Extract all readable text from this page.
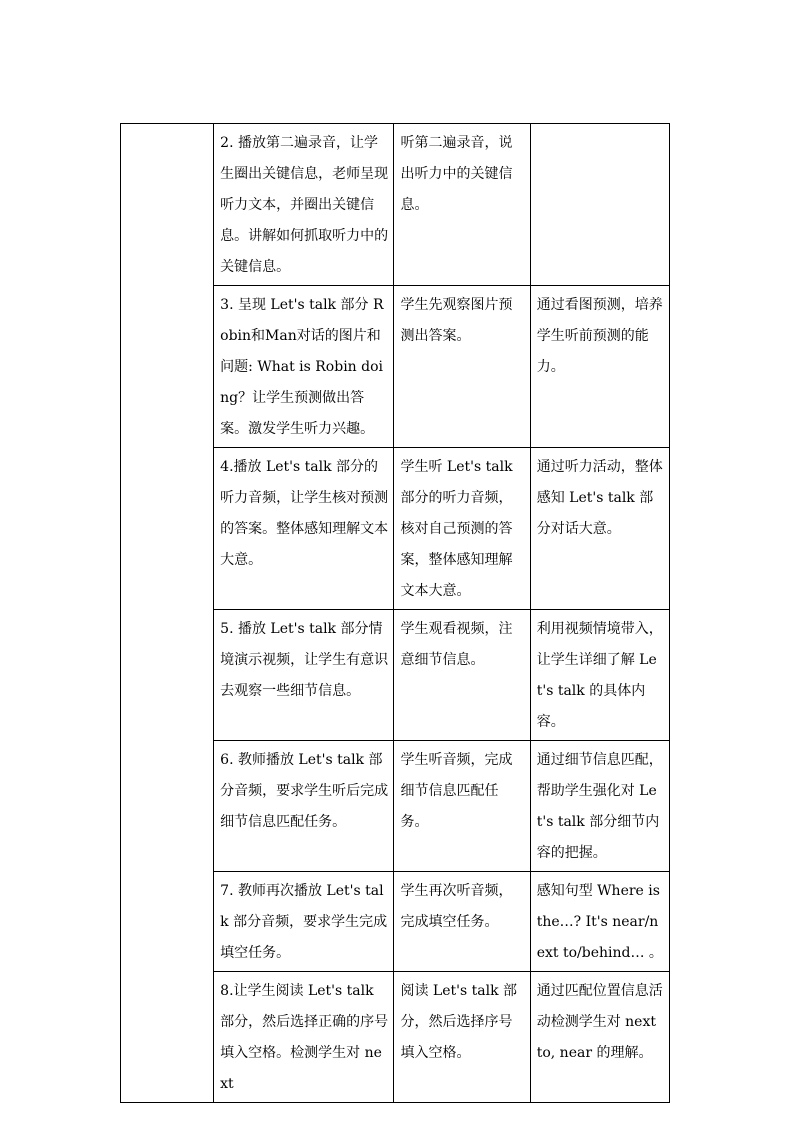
	2. 播放第二遍录音，让学生圈出关键信息，老师呈现听力文本，并圈出关键信息。讲解如何抓取听力中的关键信息。	听第二遍录音，说出听力中的关键信息。	
	3. 呈现 Let's talk 部分 Robin和Man对话的图片和问题: What is Robin doing？让学生预测做出答案。激发学生听力兴趣。	学生先观察图片预测出答案。	通过看图预测，培养学生听前预测的能力。
	4.播放 Let's talk 部分的听力音频，让学生核对预测的答案。整体感知理解文本大意。	学生听 Let's talk 部分的听力音频，核对自己预测的答案，整体感知理解文本大意。	通过听力活动，整体感知 Let's talk 部分对话大意。
	5. 播放 Let's talk 部分情境演示视频，让学生有意识去观察一些细节信息。	学生观看视频，注意细节信息。	利用视频情境带入，让学生详细了解 Let's talk 的具体内容。
	6. 教师播放 Let's talk 部分音频，要求学生听后完成细节信息匹配任务。	学生听音频，完成细节信息匹配任务。	通过细节信息匹配，帮助学生强化对 Let's talk 部分细节内容的把握。
	7. 教师再次播放 Let's talk 部分音频，要求学生完成填空任务。	学生再次听音频，完成填空任务。	感知句型 Where is the…? It's near/next to/behind… 。
	8.让学生阅读 Let's talk 部分，然后选择正确的序号填入空格。检测学生对 next	阅读 Let's talk 部分，然后选择序号填入空格。	通过匹配位置信息活动检测学生对 next to, near 的理解。
